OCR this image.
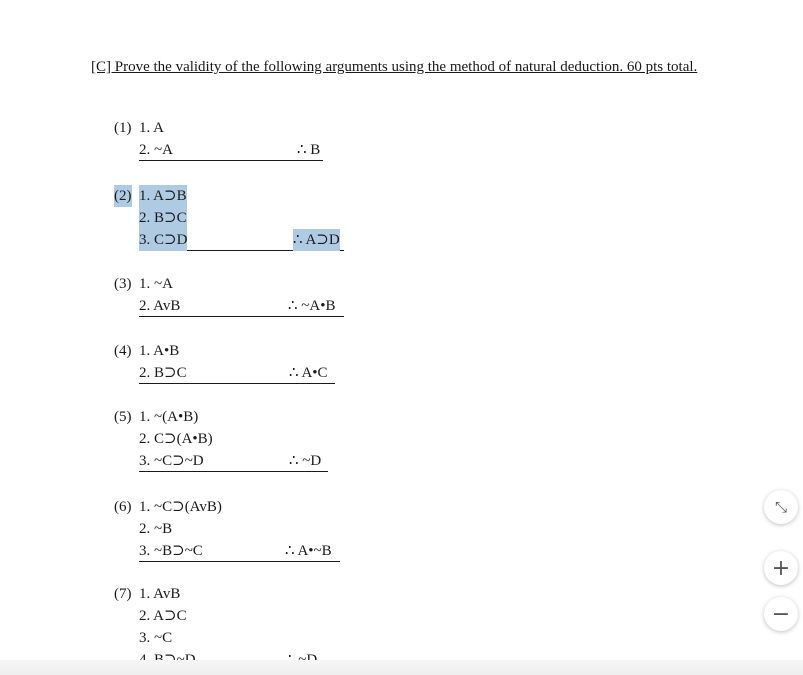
[C] Prove the validity of the following arguments using the method of natural deduction. 60 pts total.
(1) 1. A
2. ~A	∴ B
(2) 1. A⊃B
2. B⊃C
3. C⊃D	∴ A⊃D
(3) 1. ~A
2. AvB	∴ ~A•B
(4) 1. A•B
2. B⊃C	∴ A•C
(5) 1. ~(A•B)
2. C⊃(A•B)
3. ~C⊃~D	∴ ~D
(6) 1. ~C⊃(AvB)
2. ~B
3. ~B⊃~C	∴ A•~B
(7) 1. AvB
2. A⊃C
3. ~C
⤡
+
−
